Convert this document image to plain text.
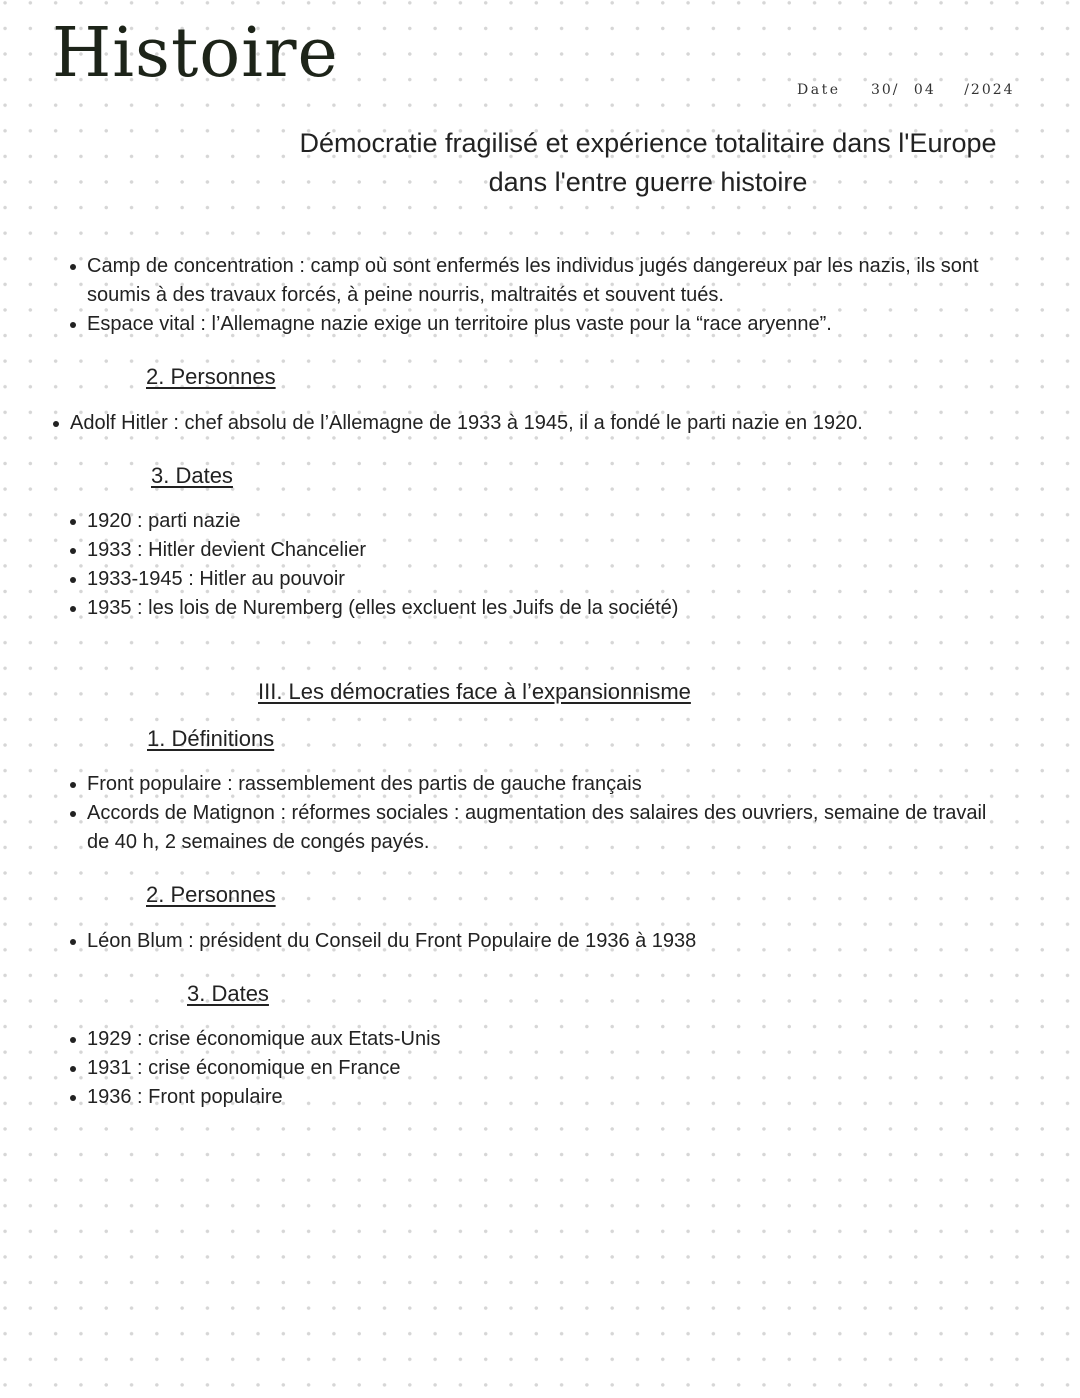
Histoire	Date 30/ 04 /2024
Démocratie fragilisé et expérience totalitaire dans l'Europe
dans l'entre guerre histoire
Camp de concentration : camp où sont enfermés les individus jugés dangereux par les nazis, ils sont soumis à des travaux forcés, à peine nourris, maltraités et souvent tués.
Espace vital : l’Allemagne nazie exige un territoire plus vaste pour la “race aryenne”.
2. Personnes
Adolf Hitler : chef absolu de l’Allemagne de 1933 à 1945, il a fondé le parti nazie en 1920.
3. Dates
1920 : parti nazie
1933 : Hitler devient Chancelier
1933-1945 : Hitler au pouvoir
1935 : les lois de Nuremberg (elles excluent les Juifs de la société)
III. Les démocraties face à l’expansionnisme
1. Définitions
Front populaire : rassemblement des partis de gauche français
Accords de Matignon : réformes sociales : augmentation des salaires des ouvriers, semaine de travail de 40 h, 2 semaines de congés payés.
2. Personnes
Léon Blum : président du Conseil du Front Populaire de 1936 à 1938
3. Dates
1929 : crise économique aux Etats-Unis
1931 : crise économique en France
1936 : Front populaire
